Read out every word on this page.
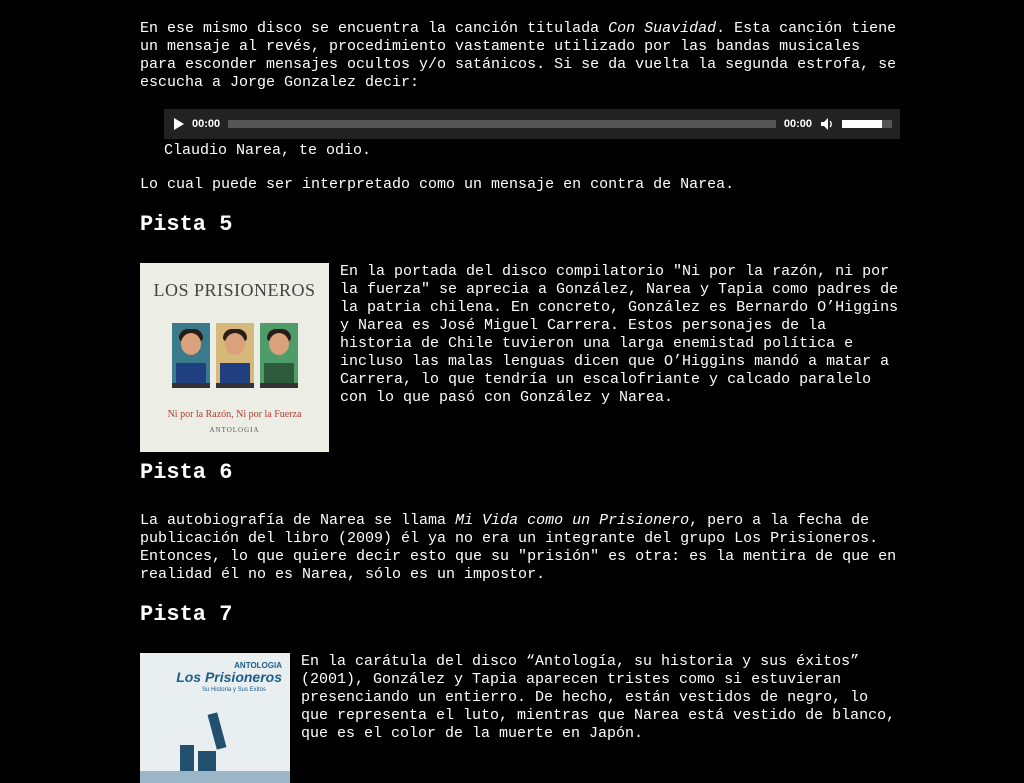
En ese mismo disco se encuentra la canción titulada Con Suavidad. Esta canción tiene un mensaje al revés, procedimiento vastamente utilizado por las bandas musicales para esconder mensajes ocultos y/o satánicos. Si se da vuelta la segunda estrofa, se escucha a Jorge Gonzalez decir:

00:00	00:00

Claudio Narea, te odio.

Lo cual puede ser interpretado como un mensaje en contra de Narea.

Pista 5
LOS PRISIONEROS
Ni por la Razón, Ni por la Fuerza
ANTOLOGIA

En la portada del disco compilatorio "Ni por la razón, ni por la fuerza" se aprecia a González, Narea y Tapia como padres de la patria chilena. En concreto, González es Bernardo O’Higgins y Narea es José Miguel Carrera. Estos personajes de la historia de Chile tuvieron una larga enemistad política e incluso las malas lenguas dicen que O’Higgins mandó a matar a Carrera, lo que tendría un escalofriante y calcado paralelo con lo que pasó con González y Narea.

Pista 6

La autobiografía de Narea se llama Mi Vida como un Prisionero, pero a la fecha de publicación del libro (2009) él ya no era un integrante del grupo Los Prisioneros. Entonces, lo que quiere decir esto que su "prisión" es otra: es la mentira de que en realidad él no es Narea, sólo es un impostor.

Pista 7
ANTOLOGIA
Los Prisioneros
Su Historia y Sus Exitos

En la carátula del disco “Antología, su historia y sus éxitos” (2001), González y Tapia aparecen tristes como si estuvieran presenciando un entierro. De hecho, están vestidos de negro, lo que representa el luto, mientras que Narea está vestido de blanco, que es el color de la muerte en Japón.
